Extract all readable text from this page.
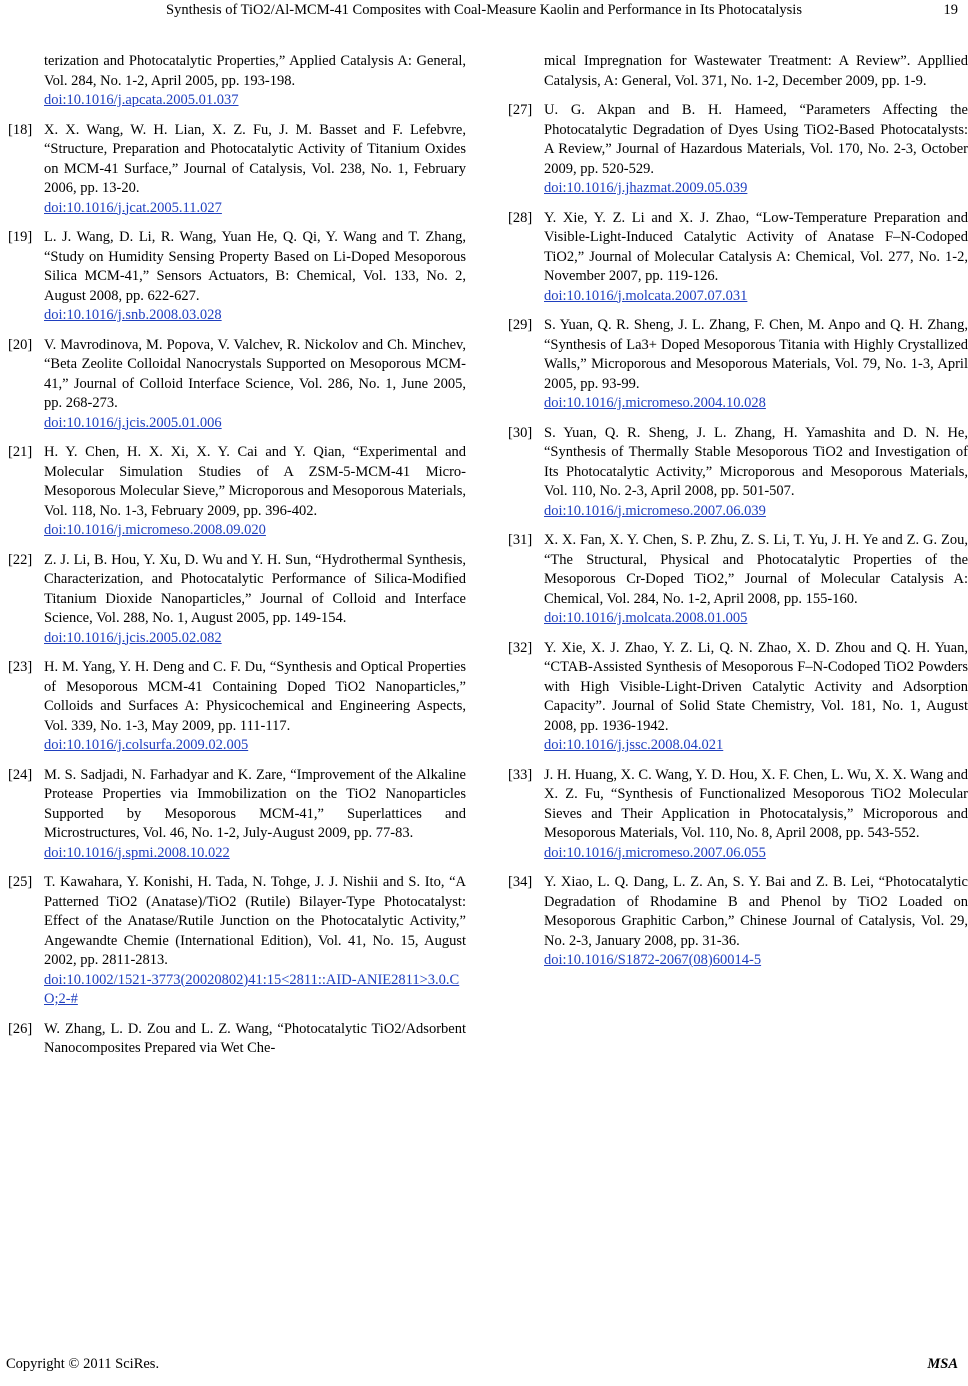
Synthesis of TiO2/Al-MCM-41 Composites with Coal-Measure Kaolin and Performance in Its Photocatalysis	19
terization and Photocatalytic Properties,” Applied Catalysis A: General, Vol. 284, No. 1-2, April 2005, pp. 193-198.
doi:10.1016/j.apcata.2005.01.037
[18] X. X. Wang, W. H. Lian, X. Z. Fu, J. M. Basset and F. Lefebvre, “Structure, Preparation and Photocatalytic Activity of Titanium Oxides on MCM-41 Surface,” Journal of Catalysis, Vol. 238, No. 1, February 2006, pp. 13-20.
doi:10.1016/j.jcat.2005.11.027
[19] L. J. Wang, D. Li, R. Wang, Yuan He, Q. Qi, Y. Wang and T. Zhang, “Study on Humidity Sensing Property Based on Li-Doped Mesoporous Silica MCM-41,” Sensors Actuators, B: Chemical, Vol. 133, No. 2, August 2008, pp. 622-627.
doi:10.1016/j.snb.2008.03.028
[20] V. Mavrodinova, M. Popova, V. Valchev, R. Nickolov and Ch. Minchev, “Beta Zeolite Colloidal Nanocrystals Supported on Mesoporous MCM-41,” Journal of Colloid Interface Science, Vol. 286, No. 1, June 2005, pp. 268-273.
doi:10.1016/j.jcis.2005.01.006
[21] H. Y. Chen, H. X. Xi, X. Y. Cai and Y. Qian, “Experimental and Molecular Simulation Studies of A ZSM-5-MCM-41 Micro-Mesoporous Molecular Sieve,” Microporous and Mesoporous Materials, Vol. 118, No. 1-3, February 2009, pp. 396-402.
doi:10.1016/j.micromeso.2008.09.020
[22] Z. J. Li, B. Hou, Y. Xu, D. Wu and Y. H. Sun, “Hydrothermal Synthesis, Characterization, and Photocatalytic Performance of Silica-Modified Titanium Dioxide Nanoparticles,” Journal of Colloid and Interface Science, Vol. 288, No. 1, August 2005, pp. 149-154.
doi:10.1016/j.jcis.2005.02.082
[23] H. M. Yang, Y. H. Deng and C. F. Du, “Synthesis and Optical Properties of Mesoporous MCM-41 Containing Doped TiO2 Nanoparticles,” Colloids and Surfaces A: Physicochemical and Engineering Aspects, Vol. 339, No. 1-3, May 2009, pp. 111-117.
doi:10.1016/j.colsurfa.2009.02.005
[24] M. S. Sadjadi, N. Farhadyar and K. Zare, “Improvement of the Alkaline Protease Properties via Immobilization on the TiO2 Nanoparticles Supported by Mesoporous MCM-41,” Superlattices and Microstructures, Vol. 46, No. 1-2, July-August 2009, pp. 77-83.
doi:10.1016/j.spmi.2008.10.022
[25] T. Kawahara, Y. Konishi, H. Tada, N. Tohge, J. J. Nishii and S. Ito, “A Patterned TiO2 (Anatase)/TiO2 (Rutile) Bilayer-Type Photocatalyst: Effect of the Anatase/Rutile Junction on the Photocatalytic Activity,” Angewandte Chemie (International Edition), Vol. 41, No. 15, August 2002, pp. 2811-2813.
doi:10.1002/1521-3773(20020802)41:15<2811::AID-ANIE2811>3.0.CO;2-#
[26] W. Zhang, L. D. Zou and L. Z. Wang, “Photocatalytic TiO2/Adsorbent Nanocomposites Prepared via Wet Che-
mical Impregnation for Wastewater Treatment: A Review”. Appllied Catalysis, A: General, Vol. 371, No. 1-2, December 2009, pp. 1-9.
[27] U. G. Akpan and B. H. Hameed, “Parameters Affecting the Photocatalytic Degradation of Dyes Using TiO2-Based Photocatalysts: A Review,” Journal of Hazardous Materials, Vol. 170, No. 2-3, October 2009, pp. 520-529.
doi:10.1016/j.jhazmat.2009.05.039
[28] Y. Xie, Y. Z. Li and X. J. Zhao, “Low-Temperature Preparation and Visible-Light-Induced Catalytic Activity of Anatase F–N-Codoped TiO2,” Journal of Molecular Catalysis A: Chemical, Vol. 277, No. 1-2, November 2007, pp. 119-126.
doi:10.1016/j.molcata.2007.07.031
[29] S. Yuan, Q. R. Sheng, J. L. Zhang, F. Chen, M. Anpo and Q. H. Zhang, “Synthesis of La3+ Doped Mesoporous Titania with Highly Crystallized Walls,” Microporous and Mesoporous Materials, Vol. 79, No. 1-3, April 2005, pp. 93-99.
doi:10.1016/j.micromeso.2004.10.028
[30] S. Yuan, Q. R. Sheng, J. L. Zhang, H. Yamashita and D. N. He, “Synthesis of Thermally Stable Mesoporous TiO2 and Investigation of Its Photocatalytic Activity,” Microporous and Mesoporous Materials, Vol. 110, No. 2-3, April 2008, pp. 501-507.
doi:10.1016/j.micromeso.2007.06.039
[31] X. X. Fan, X. Y. Chen, S. P. Zhu, Z. S. Li, T. Yu, J. H. Ye and Z. G. Zou, “The Structural, Physical and Photocatalytic Properties of the Mesoporous Cr-Doped TiO2,” Journal of Molecular Catalysis A: Chemical, Vol. 284, No. 1-2, April 2008, pp. 155-160.
doi:10.1016/j.molcata.2008.01.005
[32] Y. Xie, X. J. Zhao, Y. Z. Li, Q. N. Zhao, X. D. Zhou and Q. H. Yuan, “CTAB-Assisted Synthesis of Mesoporous F–N-Codoped TiO2 Powders with High Visible-Light-Driven Catalytic Activity and Adsorption Capacity”. Journal of Solid State Chemistry, Vol. 181, No. 1, August 2008, pp. 1936-1942.
doi:10.1016/j.jssc.2008.04.021
[33] J. H. Huang, X. C. Wang, Y. D. Hou, X. F. Chen, L. Wu, X. X. Wang and X. Z. Fu, “Synthesis of Functionalized Mesoporous TiO2 Molecular Sieves and Their Application in Photocatalysis,” Microporous and Mesoporous Materials, Vol. 110, No. 8, April 2008, pp. 543-552.
doi:10.1016/j.micromeso.2007.06.055
[34] Y. Xiao, L. Q. Dang, L. Z. An, S. Y. Bai and Z. B. Lei, “Photocatalytic Degradation of Rhodamine B and Phenol by TiO2 Loaded on Mesoporous Graphitic Carbon,” Chinese Journal of Catalysis, Vol. 29, No. 2-3, January 2008, pp. 31-36.
doi:10.1016/S1872-2067(08)60014-5
Copyright © 2011 SciRes.	MSA
